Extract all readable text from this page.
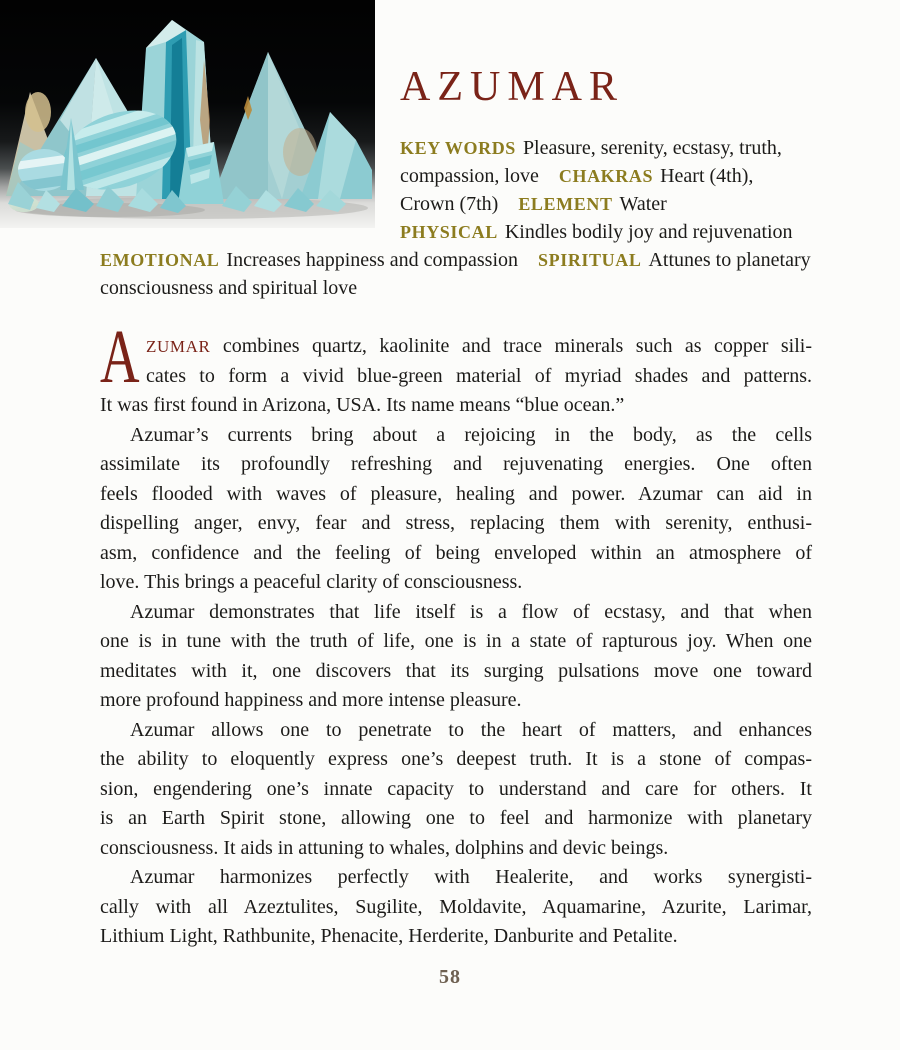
AZUMAR

KEY WORDS Pleasure, serenity, ecstasy, truth, compassion, love CHAKRAS Heart (4th), Crown (7th) ELEMENT Water PHYSICAL Kindles bodily joy and rejuvenation EMOTIONAL Increases happiness and compassion SPIRITUAL Attunes to planetary consciousness and spiritual love

A ZUMAR combines quartz, kaolinite and trace minerals such as copper sili-
cates to form a vivid blue-green material of myriad shades and patterns.
It was first found in Arizona, USA. Its name means “blue ocean.”
Azumar’s currents bring about a rejoicing in the body, as the cells
assimilate its profoundly refreshing and rejuvenating energies. One often
feels flooded with waves of pleasure, healing and power. Azumar can aid in
dispelling anger, envy, fear and stress, replacing them with serenity, enthusi-
asm, confidence and the feeling of being enveloped within an atmosphere of
love. This brings a peaceful clarity of consciousness.
Azumar demonstrates that life itself is a flow of ecstasy, and that when
one is in tune with the truth of life, one is in a state of rapturous joy. When one
meditates with it, one discovers that its surging pulsations move one toward
more profound happiness and more intense pleasure.
Azumar allows one to penetrate to the heart of matters, and enhances
the ability to eloquently express one’s deepest truth. It is a stone of compas-
sion, engendering one’s innate capacity to understand and care for others. It
is an Earth Spirit stone, allowing one to feel and harmonize with planetary
consciousness. It aids in attuning to whales, dolphins and devic beings.
Azumar harmonizes perfectly with Healerite, and works synergisti-
cally with all Azeztulites, Sugilite, Moldavite, Aquamarine, Azurite, Larimar,
Lithium Light, Rathbunite, Phenacite, Herderite, Danburite and Petalite.
58
